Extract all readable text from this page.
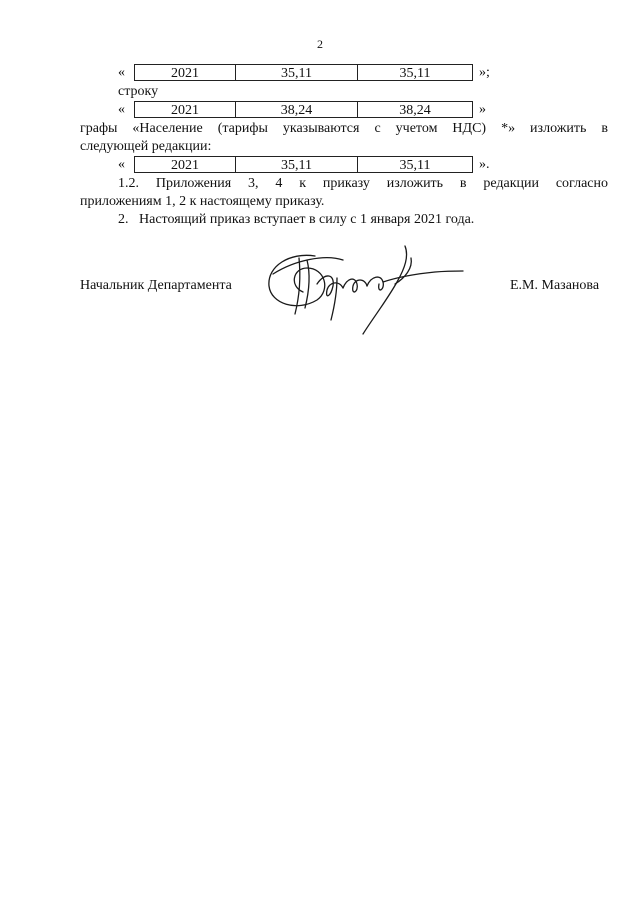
2
«	2021	35,11	35,11	»;
строку
«	2021	38,24	38,24	»
графы «Население (тарифы указываются с учетом НДС) *» изложить в
следующей редакции:
«	2021	35,11	35,11	».
1.2. Приложения 3, 4 к приказу изложить в редакции согласно
приложениям 1, 2 к настоящему приказу.
2.   Настоящий приказ вступает в силу с 1 января 2021 года.
Начальник Департамента	Е.М. Мазанова
